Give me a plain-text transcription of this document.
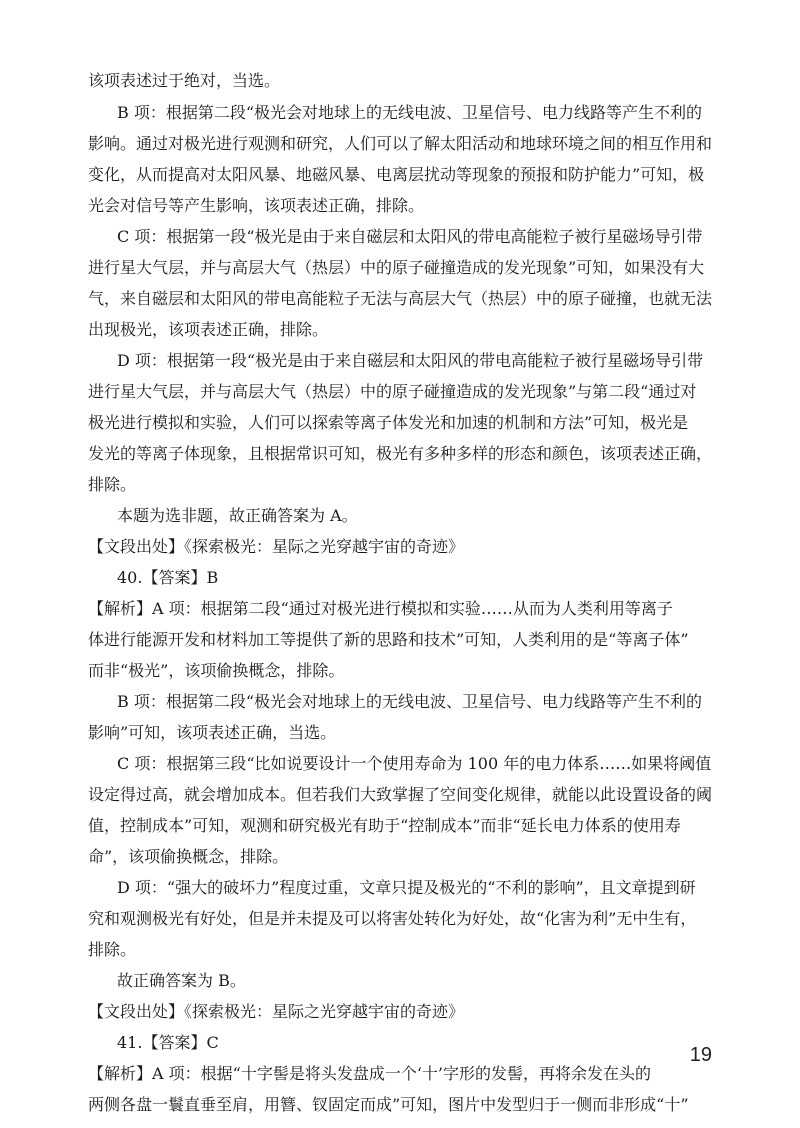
该项表述过于绝对，当选。
B 项：根据第二段“极光会对地球上的无线电波、卫星信号、电力线路等产生不利的
影响。通过对极光进行观测和研究，人们可以了解太阳活动和地球环境之间的相互作用和
变化，从而提高对太阳风暴、地磁风暴、电离层扰动等现象的预报和防护能力”可知，极
光会对信号等产生影响，该项表述正确，排除。
C 项：根据第一段“极光是由于来自磁层和太阳风的带电高能粒子被行星磁场导引带
进行星大气层，并与高层大气（热层）中的原子碰撞造成的发光现象”可知，如果没有大
气，来自磁层和太阳风的带电高能粒子无法与高层大气（热层）中的原子碰撞，也就无法
出现极光，该项表述正确，排除。
D 项：根据第一段“极光是由于来自磁层和太阳风的带电高能粒子被行星磁场导引带
进行星大气层，并与高层大气（热层）中的原子碰撞造成的发光现象”与第二段“通过对
极光进行模拟和实验，人们可以探索等离子体发光和加速的机制和方法”可知，极光是
发光的等离子体现象，且根据常识可知，极光有多种多样的形态和颜色，该项表述正确，
排除。
本题为选非题，故正确答案为 A。
【文段出处】《探索极光：星际之光穿越宇宙的奇迹》
40.【答案】B
【解析】A 项：根据第二段“通过对极光进行模拟和实验……从而为人类利用等离子
体进行能源开发和材料加工等提供了新的思路和技术”可知，人类利用的是“等离子体”
而非“极光”，该项偷换概念，排除。
B 项：根据第二段“极光会对地球上的无线电波、卫星信号、电力线路等产生不利的
影响”可知，该项表述正确，当选。
C 项：根据第三段“比如说要设计一个使用寿命为 100 年的电力体系……如果将阈值
设定得过高，就会增加成本。但若我们大致掌握了空间变化规律，就能以此设置设备的阈
值，控制成本”可知，观测和研究极光有助于“控制成本”而非“延长电力体系的使用寿
命”，该项偷换概念，排除。
D 项：“强大的破坏力”程度过重，文章只提及极光的“不利的影响”，且文章提到研
究和观测极光有好处，但是并未提及可以将害处转化为好处，故“化害为利”无中生有，
排除。
故正确答案为 B。
【文段出处】《探索极光：星际之光穿越宇宙的奇迹》
41.【答案】C
【解析】A 项：根据“十字髻是将头发盘成一个‘十’字形的发髻，再将余发在头的
两侧各盘一鬟直垂至肩，用簪、钗固定而成”可知，图片中发型归于一侧而非形成“十”
19
